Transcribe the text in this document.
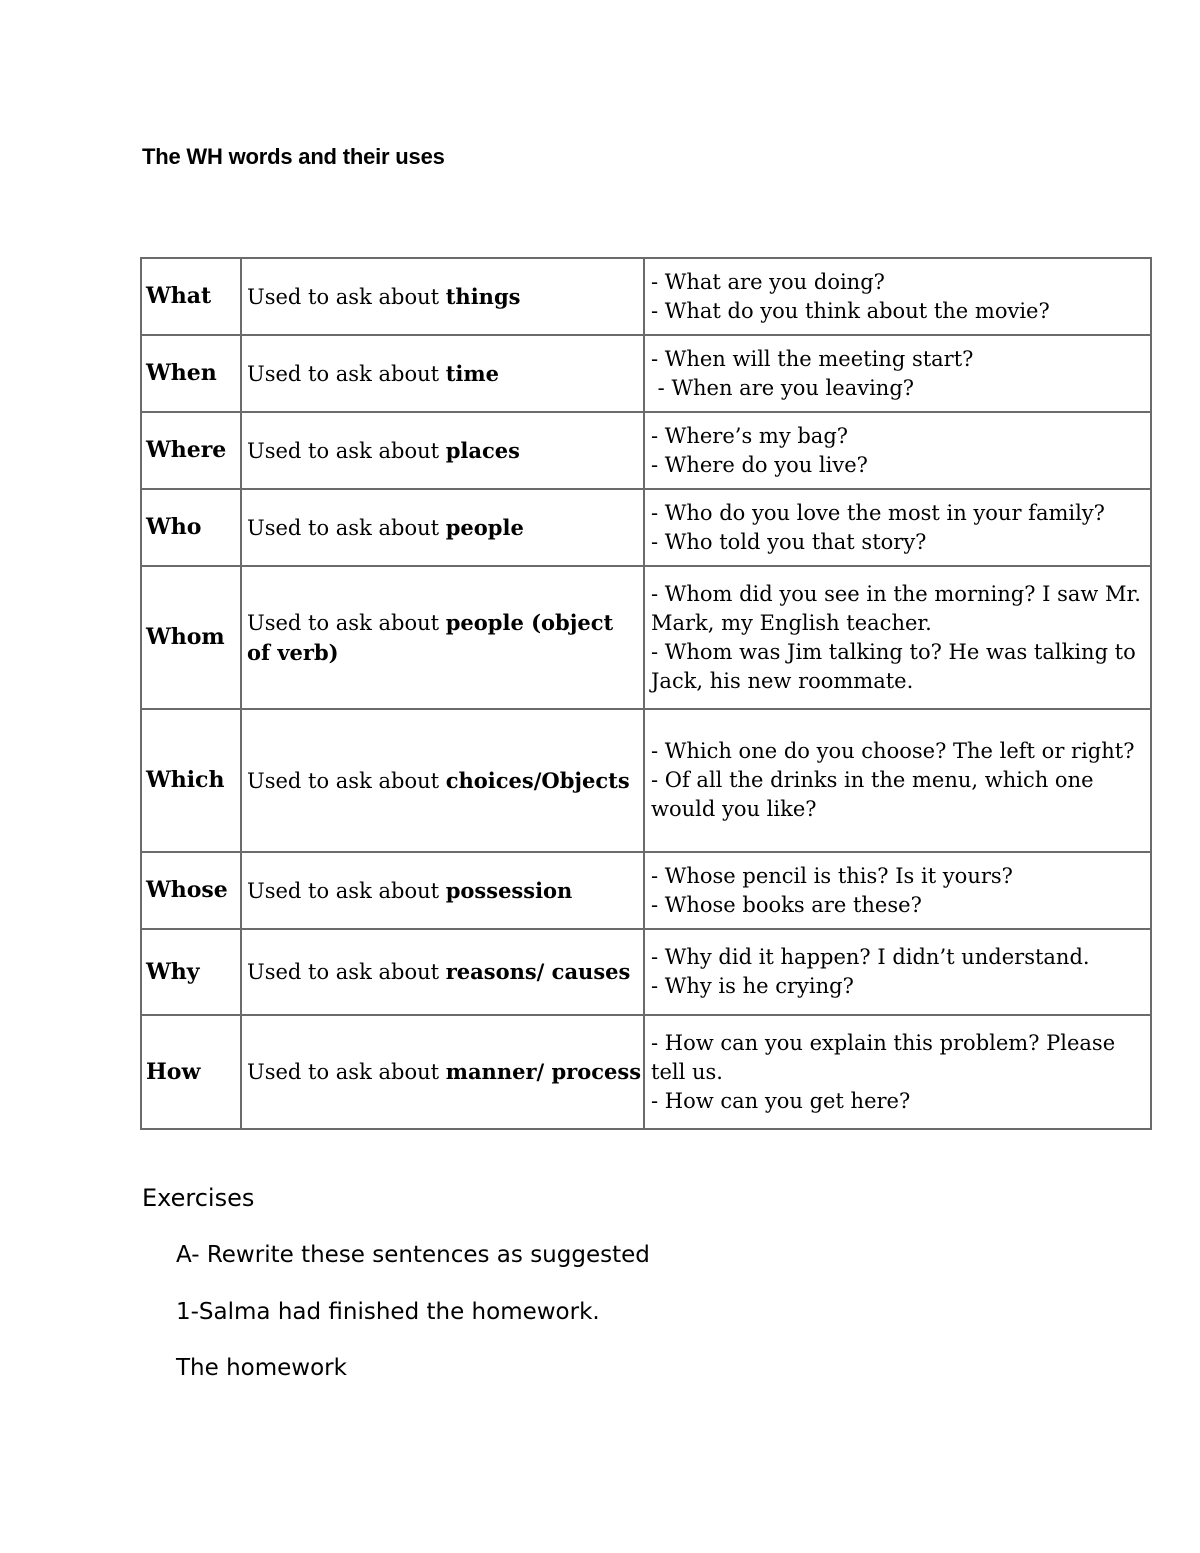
The WH words and their uses
What	Used to ask about things	- What are you doing?
- What do you think about the movie?

When	Used to ask about time	- When will the meeting start?
- When are you leaving?

Where	Used to ask about places	- Where’s my bag?
- Where do you live?

Who	Used to ask about people	- Who do you love the most in your family?
- Who told you that story?

Whom	Used to ask about people (object of verb)	- Whom did you see in the morning? I saw Mr. Mark, my English teacher.
- Whom was Jim talking to? He was talking to Jack, his new roommate.

Which	Used to ask about choices/Objects	- Which one do you choose? The left or right?
- Of all the drinks in the menu, which one would you like?

Whose	Used to ask about possession	- Whose pencil is this? Is it yours?
- Whose books are these?

Why	Used to ask about reasons/ causes	- Why did it happen? I didn’t understand.
- Why is he crying?

How	Used to ask about manner/ process	- How can you explain this problem? Please tell us.
- How can you get here?
Exercises
A- Rewrite these sentences as suggested
1-Salma had finished the homework.
The homework
